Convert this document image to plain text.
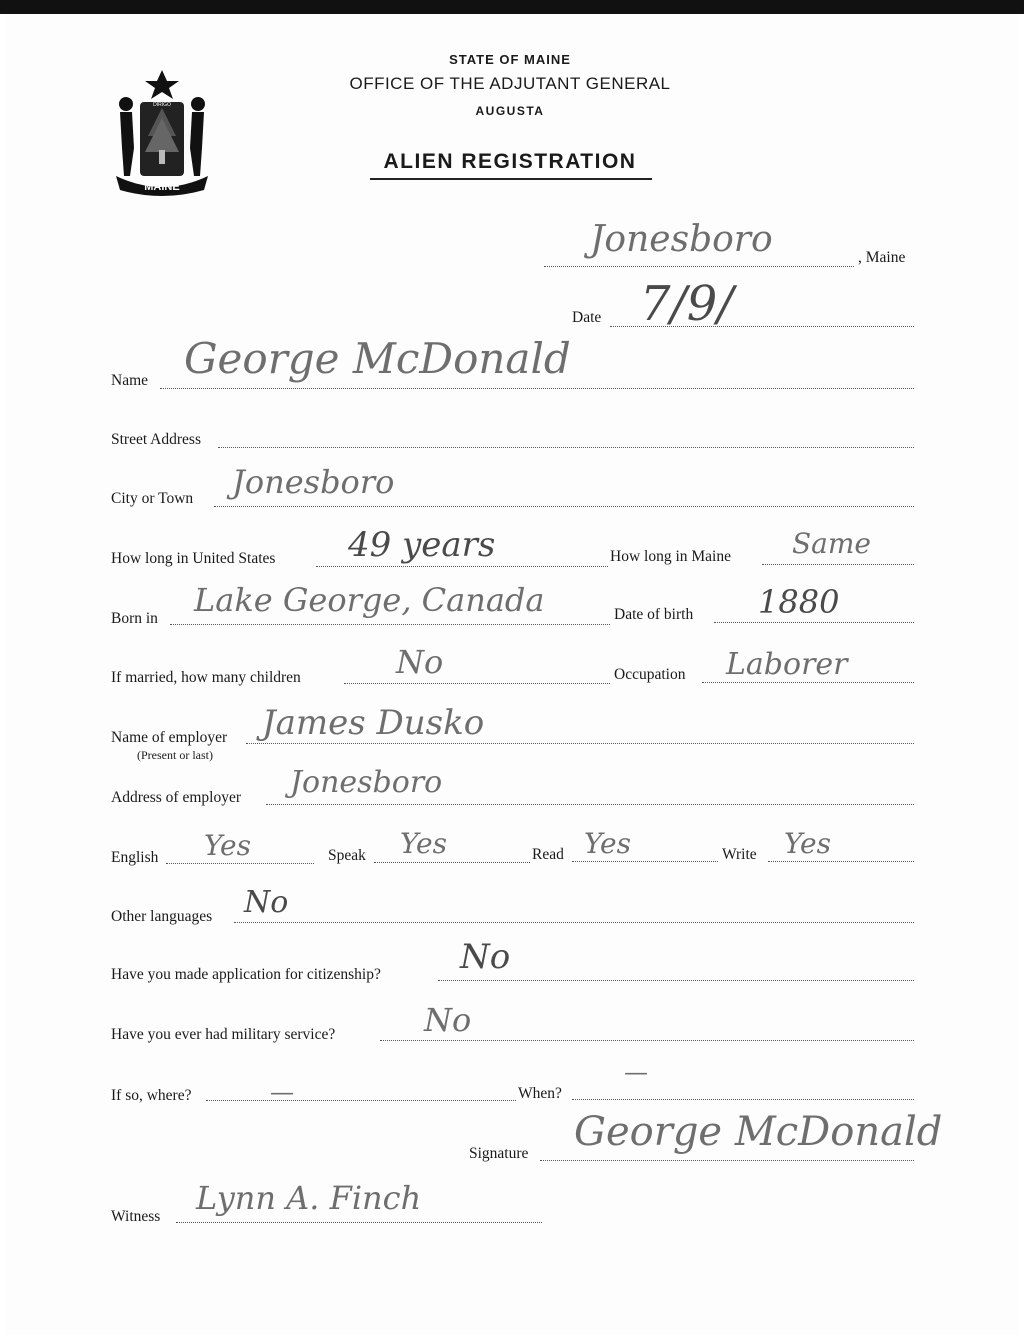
MAINE
DIRIGO
STATE OF MAINE
OFFICE OF THE ADJUTANT GENERAL
AUGUSTA
ALIEN REGISTRATION
Jonesboro	, Maine
Date 7/9/
Name George McDonald
Street Address
City or Town Jonesboro
How long in United States 49 years	How long in Maine Same
Born in Lake George, Canada	Date of birth 1880
If married, how many children	No	Occupation Laborer
Name of employer
(Present or last)
James Dusko
Address of employer Jonesboro
English Yes	Speak Yes	Read Yes	Write Yes
Other languages No
Have you made application for citizenship? No
Have you ever had military service?	No
If so, where?	—	When?
—
Signature George McDonald
Witness Lynn A. Finch
